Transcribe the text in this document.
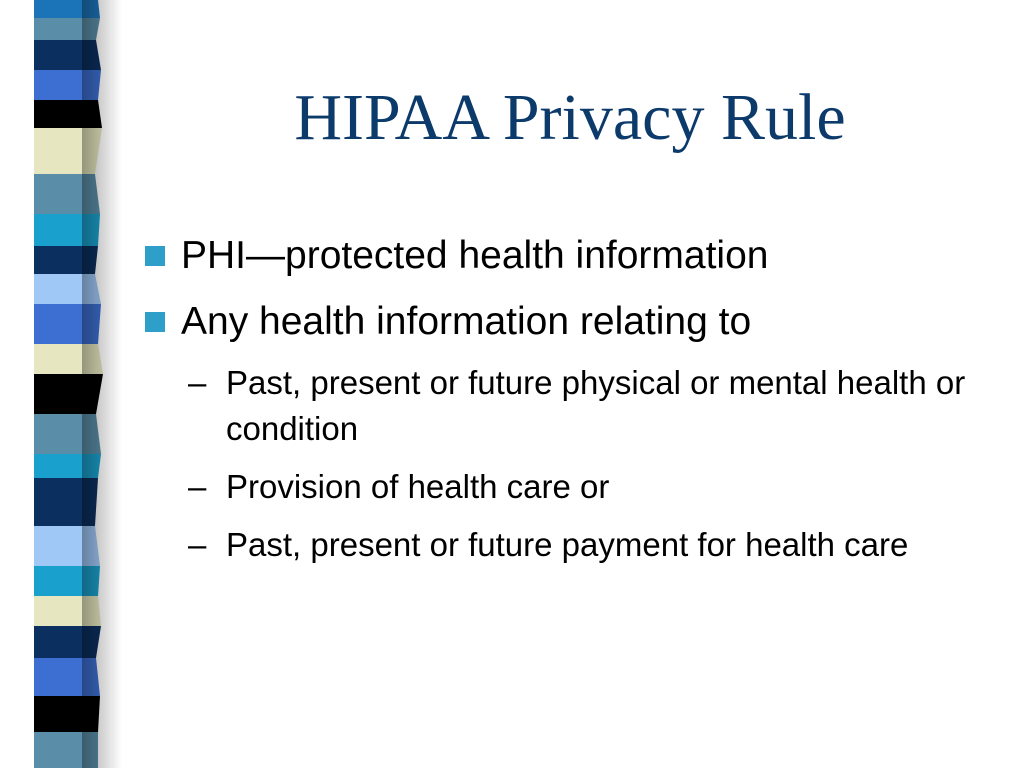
HIPAA Privacy Rule
PHI—protected health information
Any health information relating to
– Past, present or future physical or mental health or condition
– Provision of health care or
– Past, present or future payment for health care
